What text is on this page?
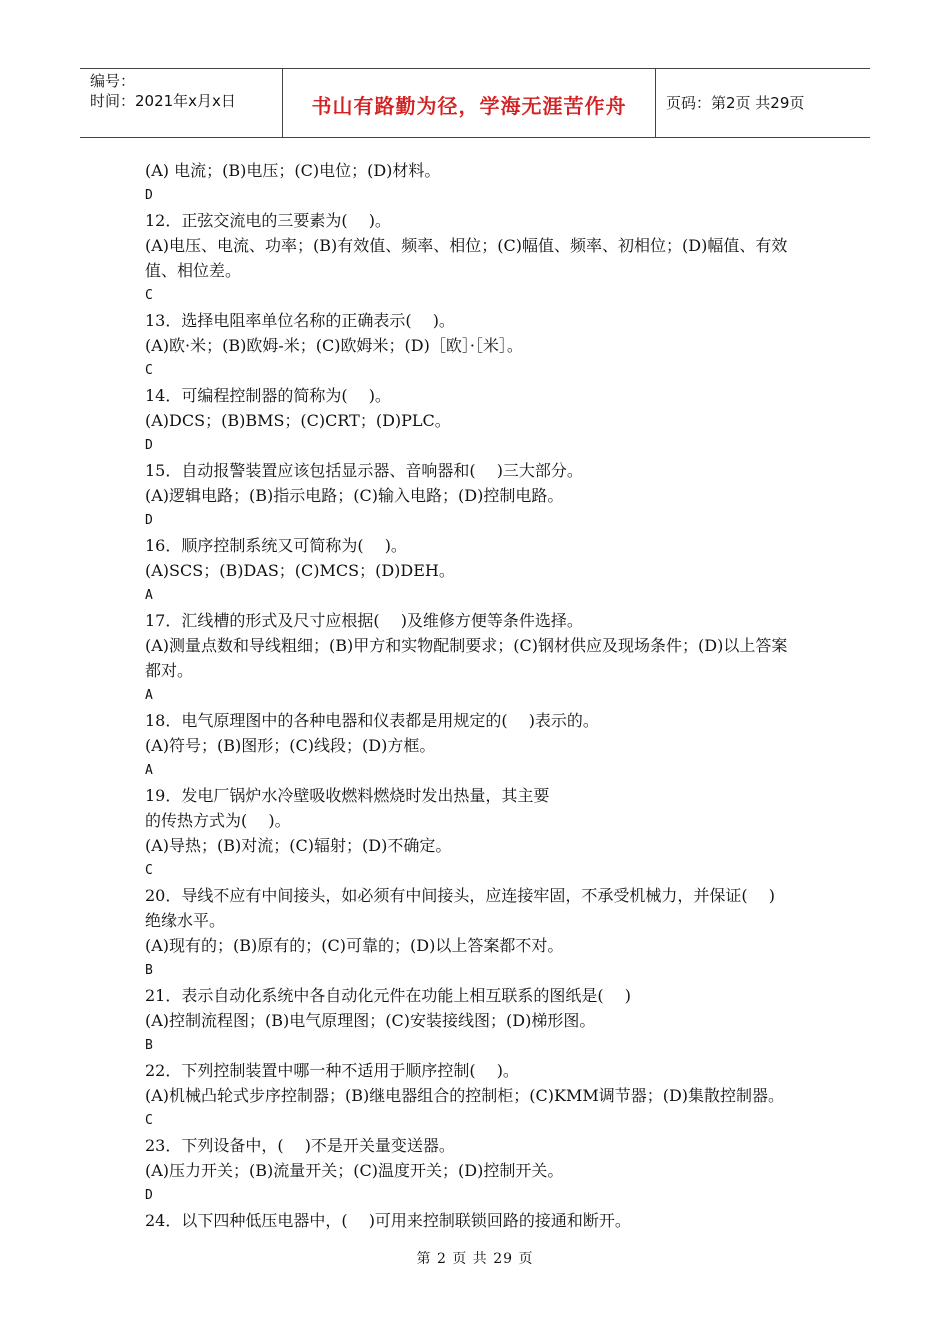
编号：
时间：2021年x月x日	书山有路勤为径，学海无涯苦作舟	页码：第2页 共29页
(A) 电流；(B)电压；(C)电位；(D)材料。
D
12．正弦交流电的三要素为(　 )。
(A)电压、电流、功率；(B)有效值、频率、相位；(C)幅值、频率、初相位；(D)幅值、有效
值、相位差。
C
13．选择电阻率单位名称的正确表示(　 )。
(A)欧·米；(B)欧姆-米；(C)欧姆米；(D)［欧］·［米］。
C
14．可编程控制器的简称为(　 )。
(A)DCS；(B)BMS；(C)CRT；(D)PLC。
D
15．自动报警装置应该包括显示器、音响器和(　 )三大部分。
(A)逻辑电路；(B)指示电路；(C)输入电路；(D)控制电路。
D
16．顺序控制系统又可简称为(　 )。
(A)SCS；(B)DAS；(C)MCS；(D)DEH。
A
17．汇线槽的形式及尺寸应根据(　 )及维修方便等条件选择。
(A)测量点数和导线粗细；(B)甲方和实物配制要求；(C)钢材供应及现场条件；(D)以上答案
都对。
A
18．电气原理图中的各种电器和仪表都是用规定的(　 )表示的。
(A)符号；(B)图形；(C)线段；(D)方框。
A
19．发电厂锅炉水冷壁吸收燃料燃烧时发出热量，其主要
的传热方式为(　 )。
(A)导热；(B)对流；(C)辐射；(D)不确定。
C
20．导线不应有中间接头，如必须有中间接头，应连接牢固，不承受机械力，并保证(　 )
绝缘水平。
(A)现有的；(B)原有的；(C)可靠的；(D)以上答案都不对。
B
21．表示自动化系统中各自动化元件在功能上相互联系的图纸是(　 )
(A)控制流程图；(B)电气原理图；(C)安装接线图；(D)梯形图。
B
22．下列控制装置中哪一种不适用于顺序控制(　 )。
(A)机械凸轮式步序控制器；(B)继电器组合的控制柜；(C)KMM调节器；(D)集散控制器。
C
23．下列设备中，(　 )不是开关量变送器。
(A)压力开关；(B)流量开关；(C)温度开关；(D)控制开关。
D
24．以下四种低压电器中，(　 )可用来控制联锁回路的接通和断开。
第 2 页 共 29 页
